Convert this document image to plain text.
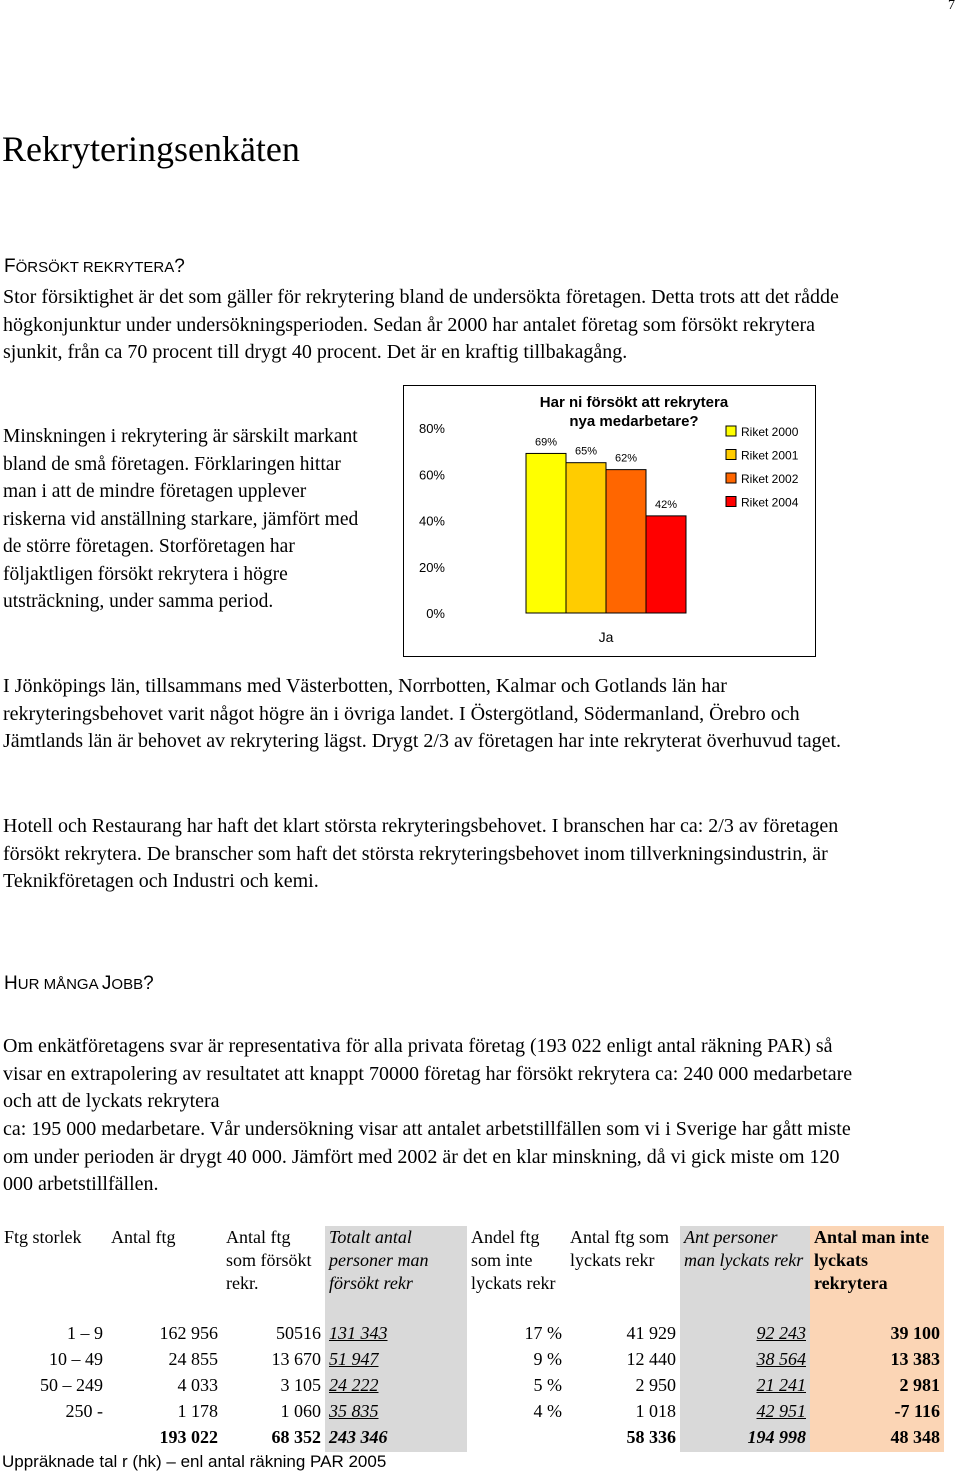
7
Rekryteringsenkäten
FÖRSÖKT REKRYTERA?

Stor försiktighet är det som gäller för rekrytering bland de undersökta företagen. Detta trots att det rådde högkonjunktur under undersökningsperioden. Sedan år 2000 har antalet företag som försökt rekrytera sjunkit, från ca 70 procent till drygt 40 procent. Det är en kraftig tillbakagång.

Minskningen i rekrytering är särskilt markant bland de små företagen. Förklaringen hittar man i att de mindre företagen upplever riskerna vid anställning starkare, jämfört med de större företagen. Storföretagen har följaktligen försökt rekrytera i högre utsträckning, under samma period.

Har ni försökt att rekrytera
nya medarbetare?
0%
20%
40%
60%
80%
69%
65%
62%
42%
Ja
Riket 2000
Riket 2001
Riket 2002
Riket 2004

I Jönköpings län, tillsammans med Västerbotten, Norrbotten, Kalmar och Gotlands län har rekryteringsbehovet varit något högre än i övriga landet. I Östergötland, Södermanland, Örebro och Jämtlands län är behovet av rekrytering lägst. Drygt 2/3 av företagen har inte rekryterat överhuvud taget.

Hotell och Restaurang har haft det klart största rekryteringsbehovet. I branschen har ca: 2/3 av företagen försökt rekrytera. De branscher som haft det största rekryteringsbehovet inom tillverkningsindustrin, är Teknikföretagen och Industri och kemi.

HUR MÅNGA JOBB?

Om enkätföretagens svar är representativa för alla privata företag (193 022 enligt antal räkning PAR) så visar en extrapolering av resultatet att knappt 70000 företag har försökt rekrytera ca: 240 000 medarbetare och att de lyckats rekrytera

ca: 195 000 medarbetare. Vår undersökning visar att antalet arbetstillfällen som vi i Sverige har gått miste om under perioden är drygt 40 000. Jämfört med 2002 är det en klar minskning, då vi gick miste om 120 000 arbetstillfällen.

Ftg storlek	Antal ftg	Antal ftg som försökt rekr.	Totalt antal personer man försökt rekr	Andel ftg som inte lyckats rekr	Antal ftg som lyckats rekr	Ant personer man lyckats rekr	Antal man inte lyckats rekrytera
1 – 9	162 956	50516	131 343	17 %	41 929	92 243	39 100
10 – 49	24 855	13 670	51 947	9 %	12 440	38 564	13 383
50 – 249	4 033	3 105	24 222	5 %	2 950	21 241	2 981
250 -	1 178	1 060	35 835	4 %	1 018	42 951	-7 116
	193 022	68 352	243 346		58 336	194 998	48 348
Uppräknade tal r (hk) – enl antal räkning PAR 2005
